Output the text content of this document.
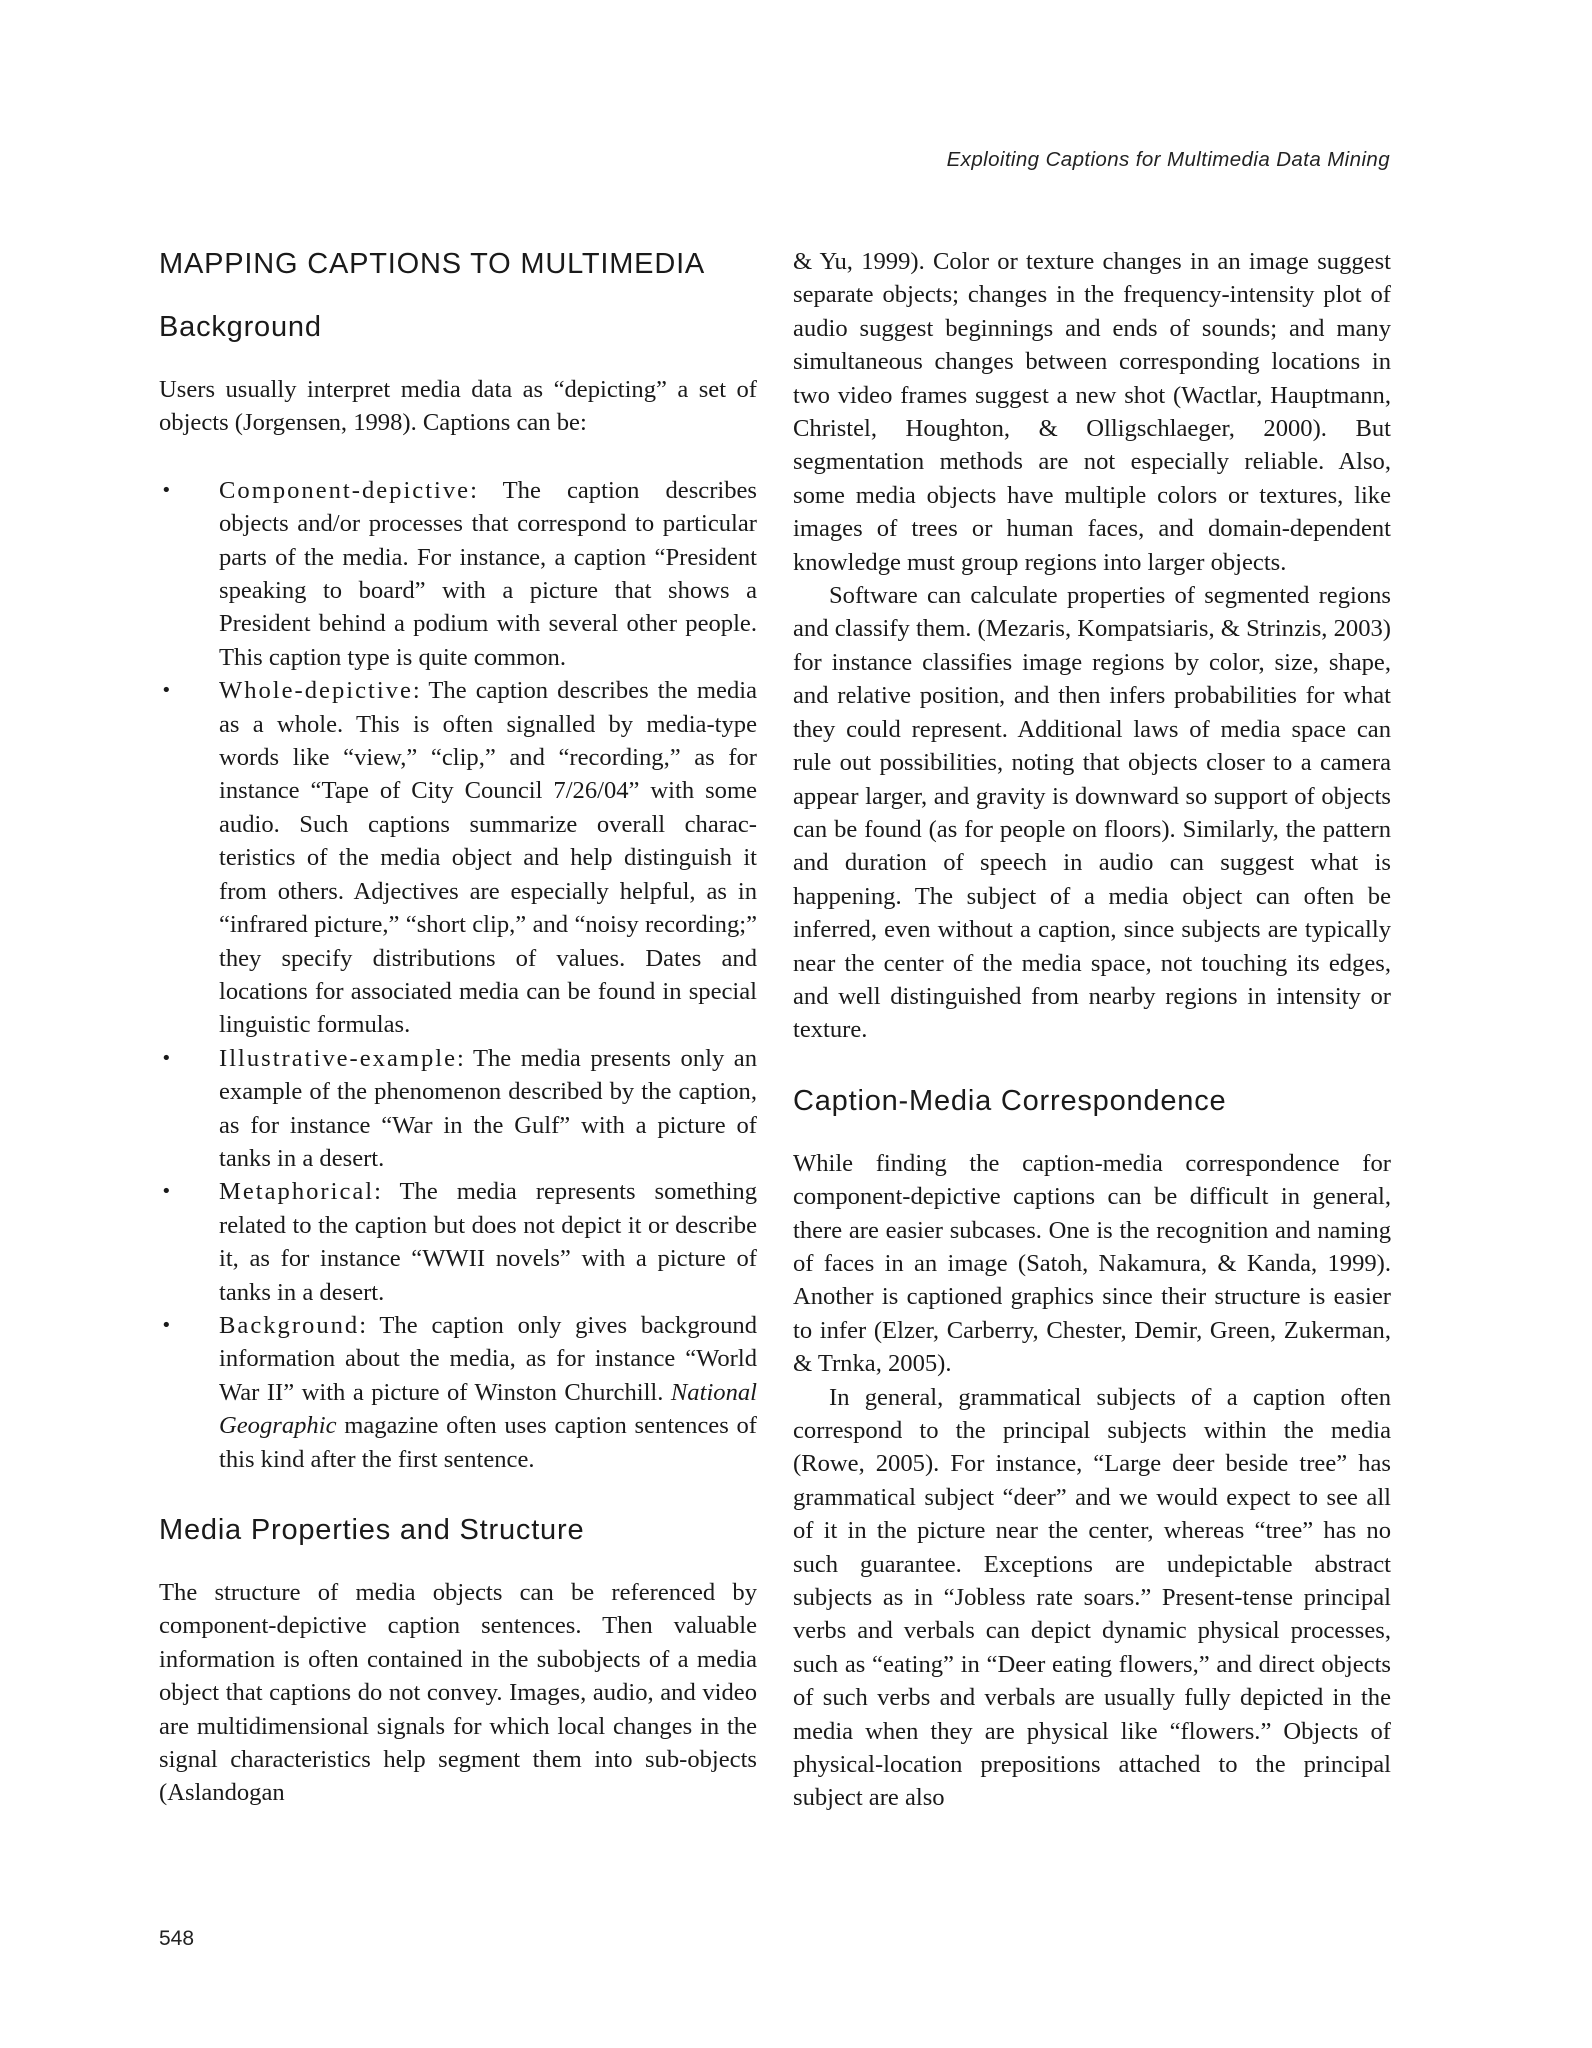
Exploiting Captions for Multimedia Data Mining
MAPPING CAPTIONS TO MULTIMEDIA
Background

Users usually interpret media data as “depicting” a set of objects (Jorgensen, 1998). Captions can be:

• Component-depictive: The caption describes objects and/or processes that correspond to particular parts of the media. For instance, a caption “President speaking to board” with a picture that shows a President behind a podium with several other people. This caption type is quite common.
• Whole-depictive: The caption describes the media as a whole. This is often signalled by media-type words like “view,” “clip,” and “recording,” as for instance “Tape of City Council 7/26/04” with some audio. Such captions summarize overall characteristics of the media object and help distinguish it from others. Adjectives are especially helpful, as in “infrared picture,” “short clip,” and “noisy recording;” they specify distributions of values. Dates and locations for associated media can be found in special linguistic formulas.
• Illustrative-example: The media presents only an example of the phenomenon described by the caption, as for instance “War in the Gulf” with a picture of tanks in a desert.
• Metaphorical: The media represents something related to the caption but does not depict it or describe it, as for instance “WWII novels” with a picture of tanks in a desert.
• Background: The caption only gives background information about the media, as for instance “World War II” with a picture of Winston Churchill. National Geographic magazine often uses caption sentences of this kind after the first sentence.
Media Properties and Structure

The structure of media objects can be referenced by component-depictive caption sentences. Then valuable information is often contained in the subobjects of a media object that captions do not convey. Images, audio, and video are multidimensional signals for which local changes in the signal characteristics help segment them into sub-objects (Aslandogan

& Yu, 1999). Color or texture changes in an image suggest separate objects; changes in the frequency-intensity plot of audio suggest beginnings and ends of sounds; and many simultaneous changes between corresponding locations in two video frames suggest a new shot (Wactlar, Hauptmann, Christel, Houghton, & Olligschlaeger, 2000). But segmentation methods are not especially reliable. Also, some media objects have multiple colors or textures, like images of trees or human faces, and domain-dependent knowledge must group regions into larger objects.

Software can calculate properties of segmented regions and classify them. (Mezaris, Kompatsiaris, & Strinzis, 2003) for instance classifies image regions by color, size, shape, and relative position, and then infers probabilities for what they could represent. Additional laws of media space can rule out possibilities, noting that objects closer to a camera appear larger, and gravity is downward so support of objects can be found (as for people on floors). Similarly, the pattern and duration of speech in audio can suggest what is happening. The subject of a media object can often be inferred, even without a caption, since subjects are typically near the center of the media space, not touching its edges, and well distinguished from nearby regions in intensity or texture.

Caption-Media Correspondence

While finding the caption-media correspondence for component-depictive captions can be difficult in general, there are easier subcases. One is the recognition and naming of faces in an image (Satoh, Nakamura, & Kanda, 1999). Another is captioned graphics since their structure is easier to infer (Elzer, Carberry, Chester, Demir, Green, Zukerman, & Trnka, 2005).

In general, grammatical subjects of a caption often correspond to the principal subjects within the media (Rowe, 2005). For instance, “Large deer beside tree” has grammatical subject “deer” and we would expect to see all of it in the picture near the center, whereas “tree” has no such guarantee. Exceptions are undepictable abstract subjects as in “Jobless rate soars.” Present-tense principal verbs and verbals can depict dynamic physical processes, such as “eating” in “Deer eating flowers,” and direct objects of such verbs and verbals are usually fully depicted in the media when they are physical like “flowers.” Objects of physical-location prepositions attached to the principal subject are also

548
